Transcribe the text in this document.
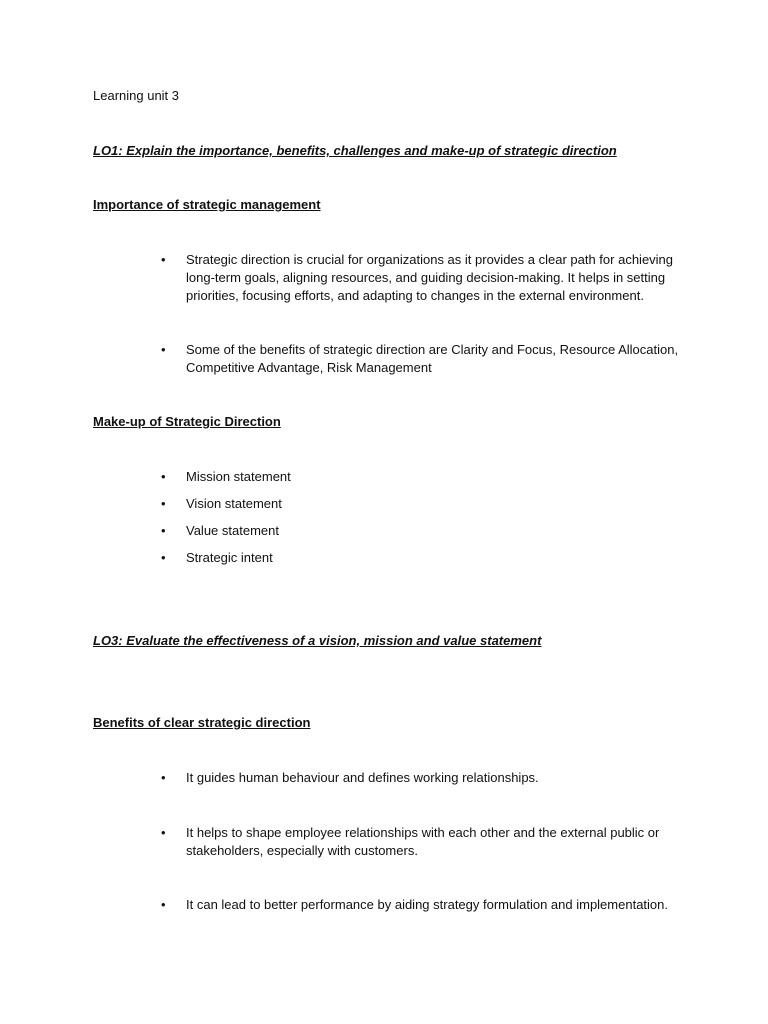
Learning unit 3
LO1: Explain the importance, benefits, challenges and make-up of strategic direction
Importance of strategic management
• Strategic direction is crucial for organizations as it provides a clear path for achieving long-term goals, aligning resources, and guiding decision-making. It helps in setting priorities, focusing efforts, and adapting to changes in the external environment.
• Some of the benefits of strategic direction are Clarity and Focus, Resource Allocation, Competitive Advantage, Risk Management
Make-up of Strategic Direction
• Mission statement
• Vision statement
• Value statement
• Strategic intent
LO3: Evaluate the effectiveness of a vision, mission and value statement
Benefits of clear strategic direction
• It guides human behaviour and defines working relationships.
• It helps to shape employee relationships with each other and the external public or stakeholders, especially with customers.
• It can lead to better performance by aiding strategy formulation and implementation.
